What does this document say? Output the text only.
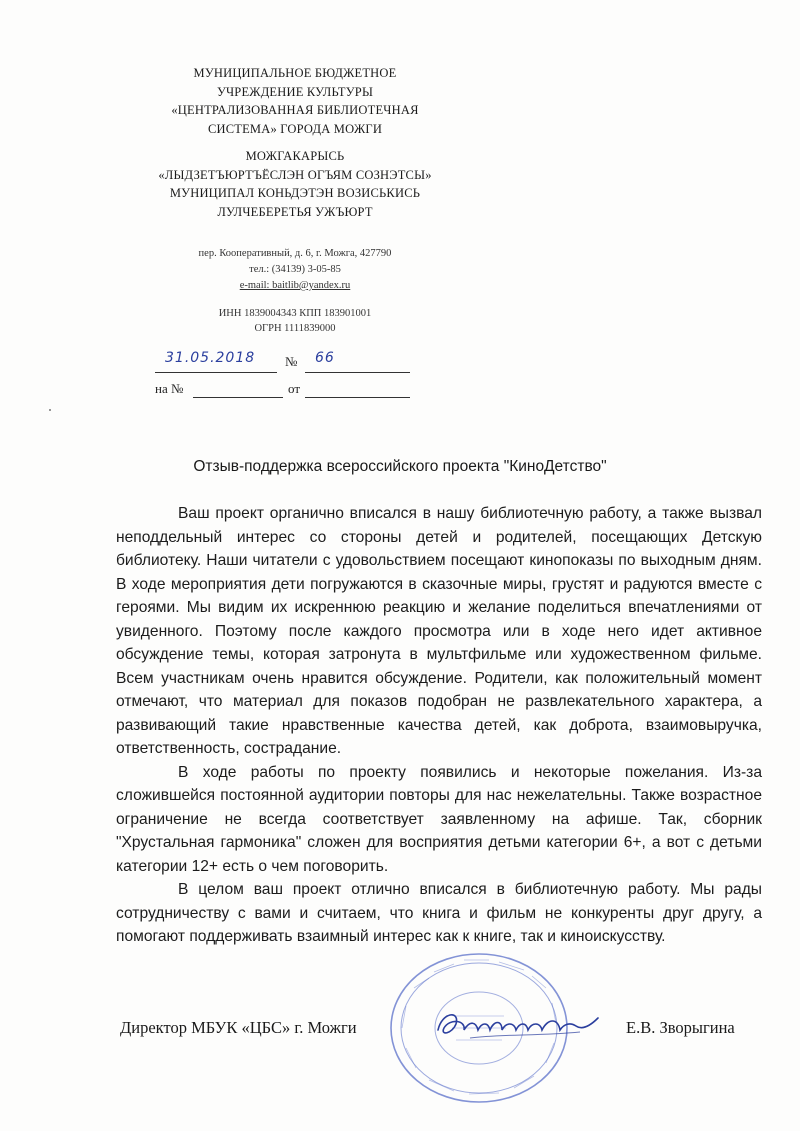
МУНИЦИПАЛЬНОЕ БЮДЖЕТНОЕ
УЧРЕЖДЕНИЕ КУЛЬТУРЫ
«ЦЕНТРАЛИЗОВАННАЯ БИБЛИОТЕЧНАЯ
СИСТЕМА» ГОРОДА МОЖГИ
МОЖГАКАРЫСЬ
«ЛЫДЗЕТЪЮРТЪЁСЛЭН ОГЪЯМ СОЗНЭТСЫ»
МУНИЦИПАЛ КОНЬДЭТЭН ВОЗИСЬКИСЬ
ЛУЛЧЕБЕРЕТЬЯ УЖЪЮРТ
пер. Кооперативный, д. 6, г. Можга, 427790
тел.: (34139) 3-05-85
e-mail: baitlib@yandex.ru
ИНН 1839004343 КПП 183901001
ОГРН 1111839000
31.05.2018 № 66
на №	от
Отзыв-поддержка всероссийского проекта "КиноДетство"

Ваш проект органично вписался в нашу библиотечную работу, а также вызвал неподдельный интерес со стороны детей и родителей, посещающих Детскую библиотеку. Наши читатели с удовольствием посещают кинопоказы по выходным дням. В ходе мероприятия дети погружаются в сказочные миры, грустят и радуются вместе с героями. Мы видим их искреннюю реакцию и желание поделиться впечатлениями от увиденного. Поэтому после каждого просмотра или в ходе него идет активное обсуждение темы, которая затронута в мультфильме или художественном фильме. Всем участникам очень нравится обсуждение. Родители, как положительный момент отмечают, что материал для показов подобран не развлекательного характера, а развивающий такие нравственные качества детей, как доброта, взаимовыручка, ответственность, сострадание.

В ходе работы по проекту появились и некоторые пожелания. Из-за сложившейся постоянной аудитории повторы для нас нежелательны. Также возрастное ограничение не всегда соответствует заявленному на афише. Так, сборник "Хрустальная гармоника" сложен для восприятия детьми категории 6+, а вот с детьми категории 12+ есть о чем поговорить.

В целом ваш проект отлично вписался в библиотечную работу. Мы рады сотрудничеству с вами и считаем, что книга и фильм не конкуренты друг другу, а помогают поддерживать взаимный интерес как к книге, так и киноискусству.

Директор МБУК «ЦБС» г. Можги	Е.В. Зворыгина
